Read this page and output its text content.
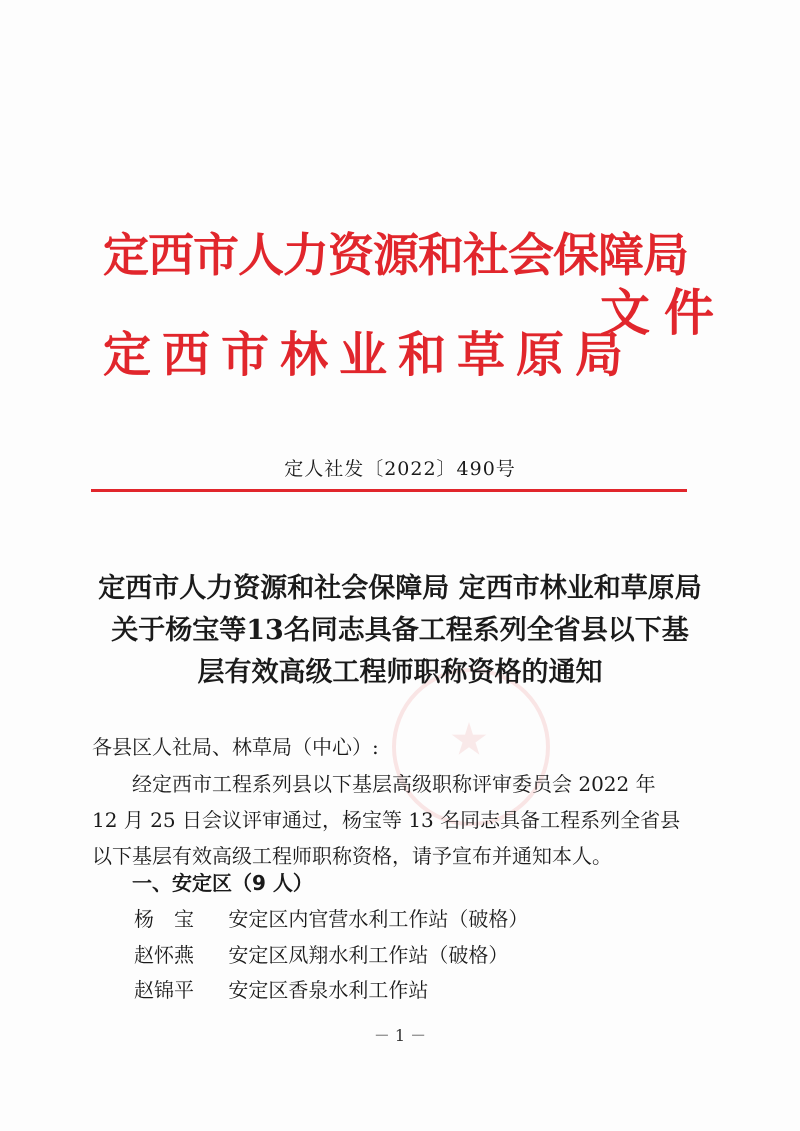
定西市人力资源和社会保障局
定西市林业和草原局
文件
定人社发〔2022〕490号
定西市人力资源和社会保障局 定西市林业和草原局
关于杨宝等13名同志具备工程系列全省县以下基
层有效高级工程师职称资格的通知
各县区人社局、林草局（中心）:
经定西市工程系列县以下基层高级职称评审委员会 2022 年
12 月 25 日会议评审通过，杨宝等 13 名同志具备工程系列全省县
以下基层有效高级工程师职称资格，请予宣布并通知本人。
一、安定区（9 人）
杨　宝 安定区内官营水利工作站（破格）
赵怀燕 安定区凤翔水利工作站（破格）
赵锦平 安定区香泉水利工作站
－ 1 －
